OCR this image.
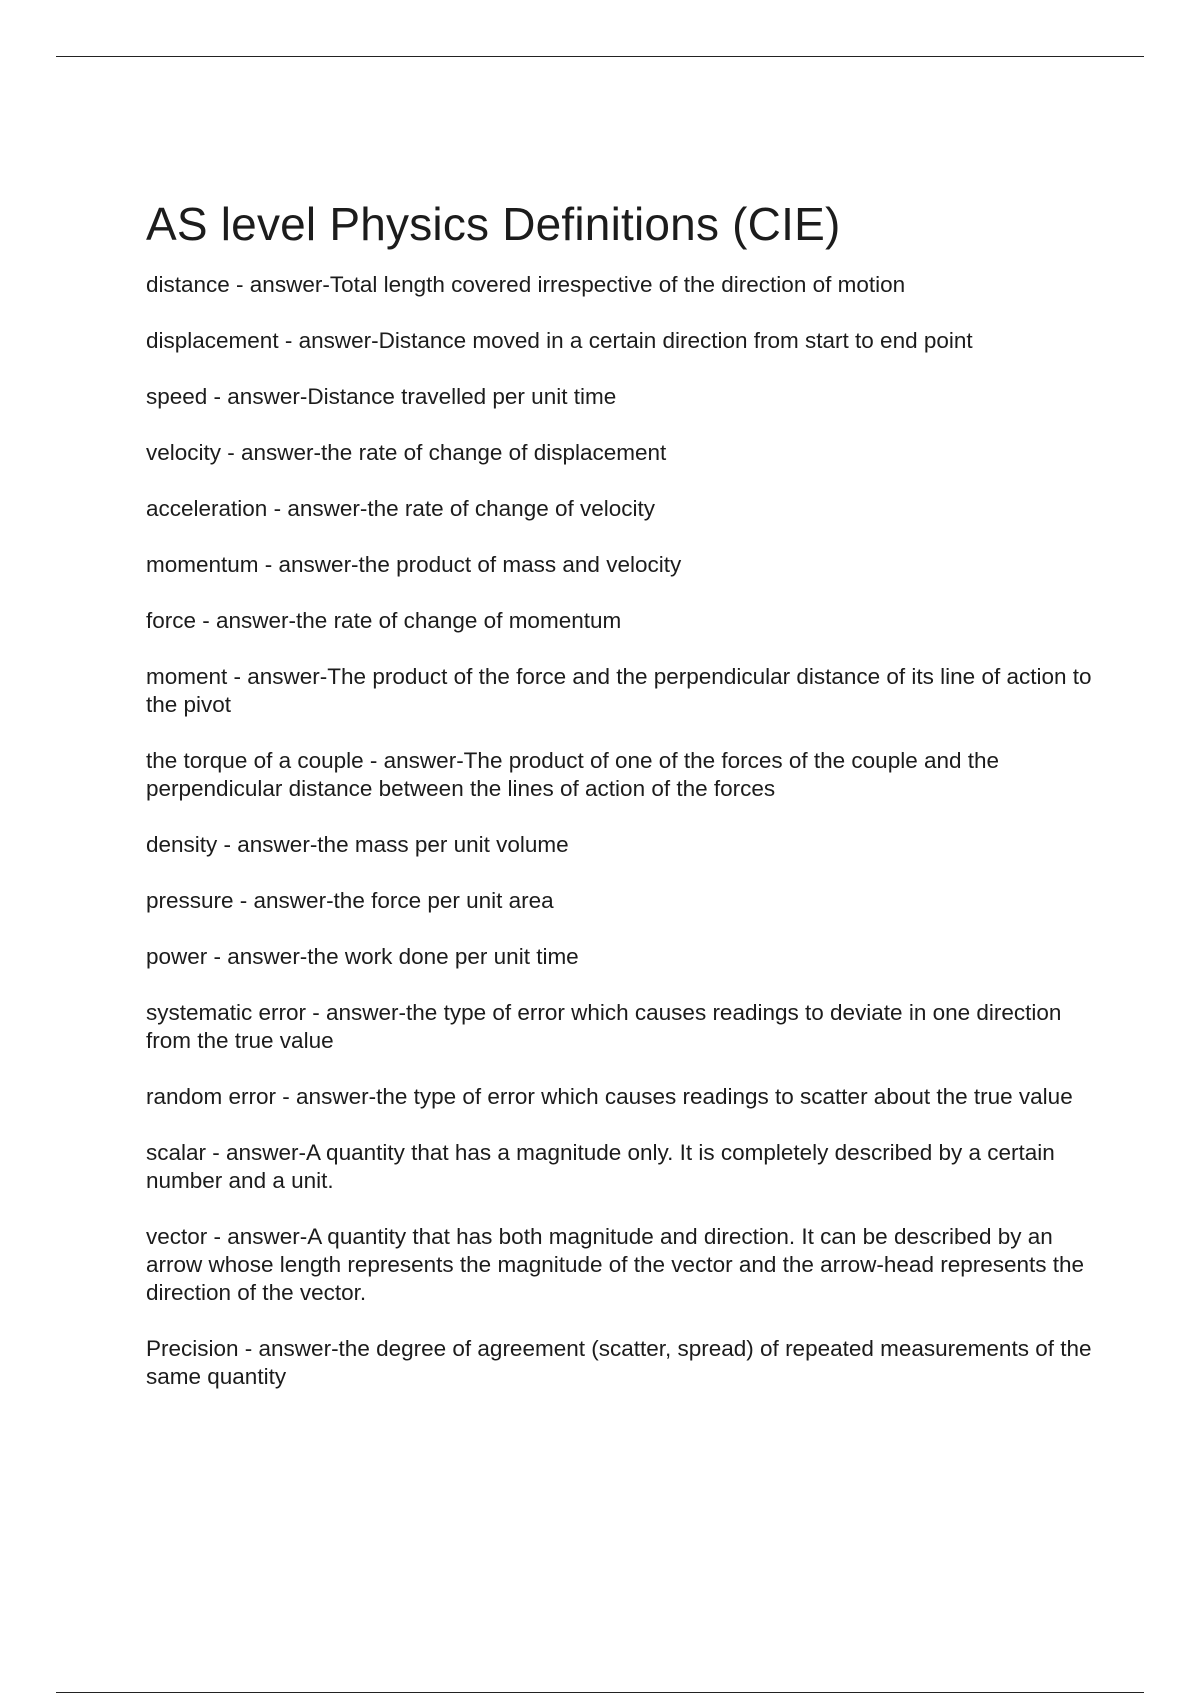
AS level Physics Definitions (CIE)
distance - answer-Total length covered irrespective of the direction of motion
displacement - answer-Distance moved in a certain direction from start to end point
speed - answer-Distance travelled per unit time
velocity - answer-the rate of change of displacement
acceleration - answer-the rate of change of velocity
momentum - answer-the product of mass and velocity
force - answer-the rate of change of momentum
moment - answer-The product of the force and the perpendicular distance of its line of action to the pivot
the torque of a couple - answer-The product of one of the forces of the couple and the perpendicular distance between the lines of action of the forces
density - answer-the mass per unit volume
pressure - answer-the force per unit area
power - answer-the work done per unit time
systematic error - answer-the type of error which causes readings to deviate in one direction from the true value
random error - answer-the type of error which causes readings to scatter about the true value
scalar - answer-A quantity that has a magnitude only. It is completely described by a certain number and a unit.
vector - answer-A quantity that has both magnitude and direction. It can be described by an arrow whose length represents the magnitude of the vector and the arrow-head represents the direction of the vector.
Precision - answer-the degree of agreement (scatter, spread) of repeated measurements of the same quantity
